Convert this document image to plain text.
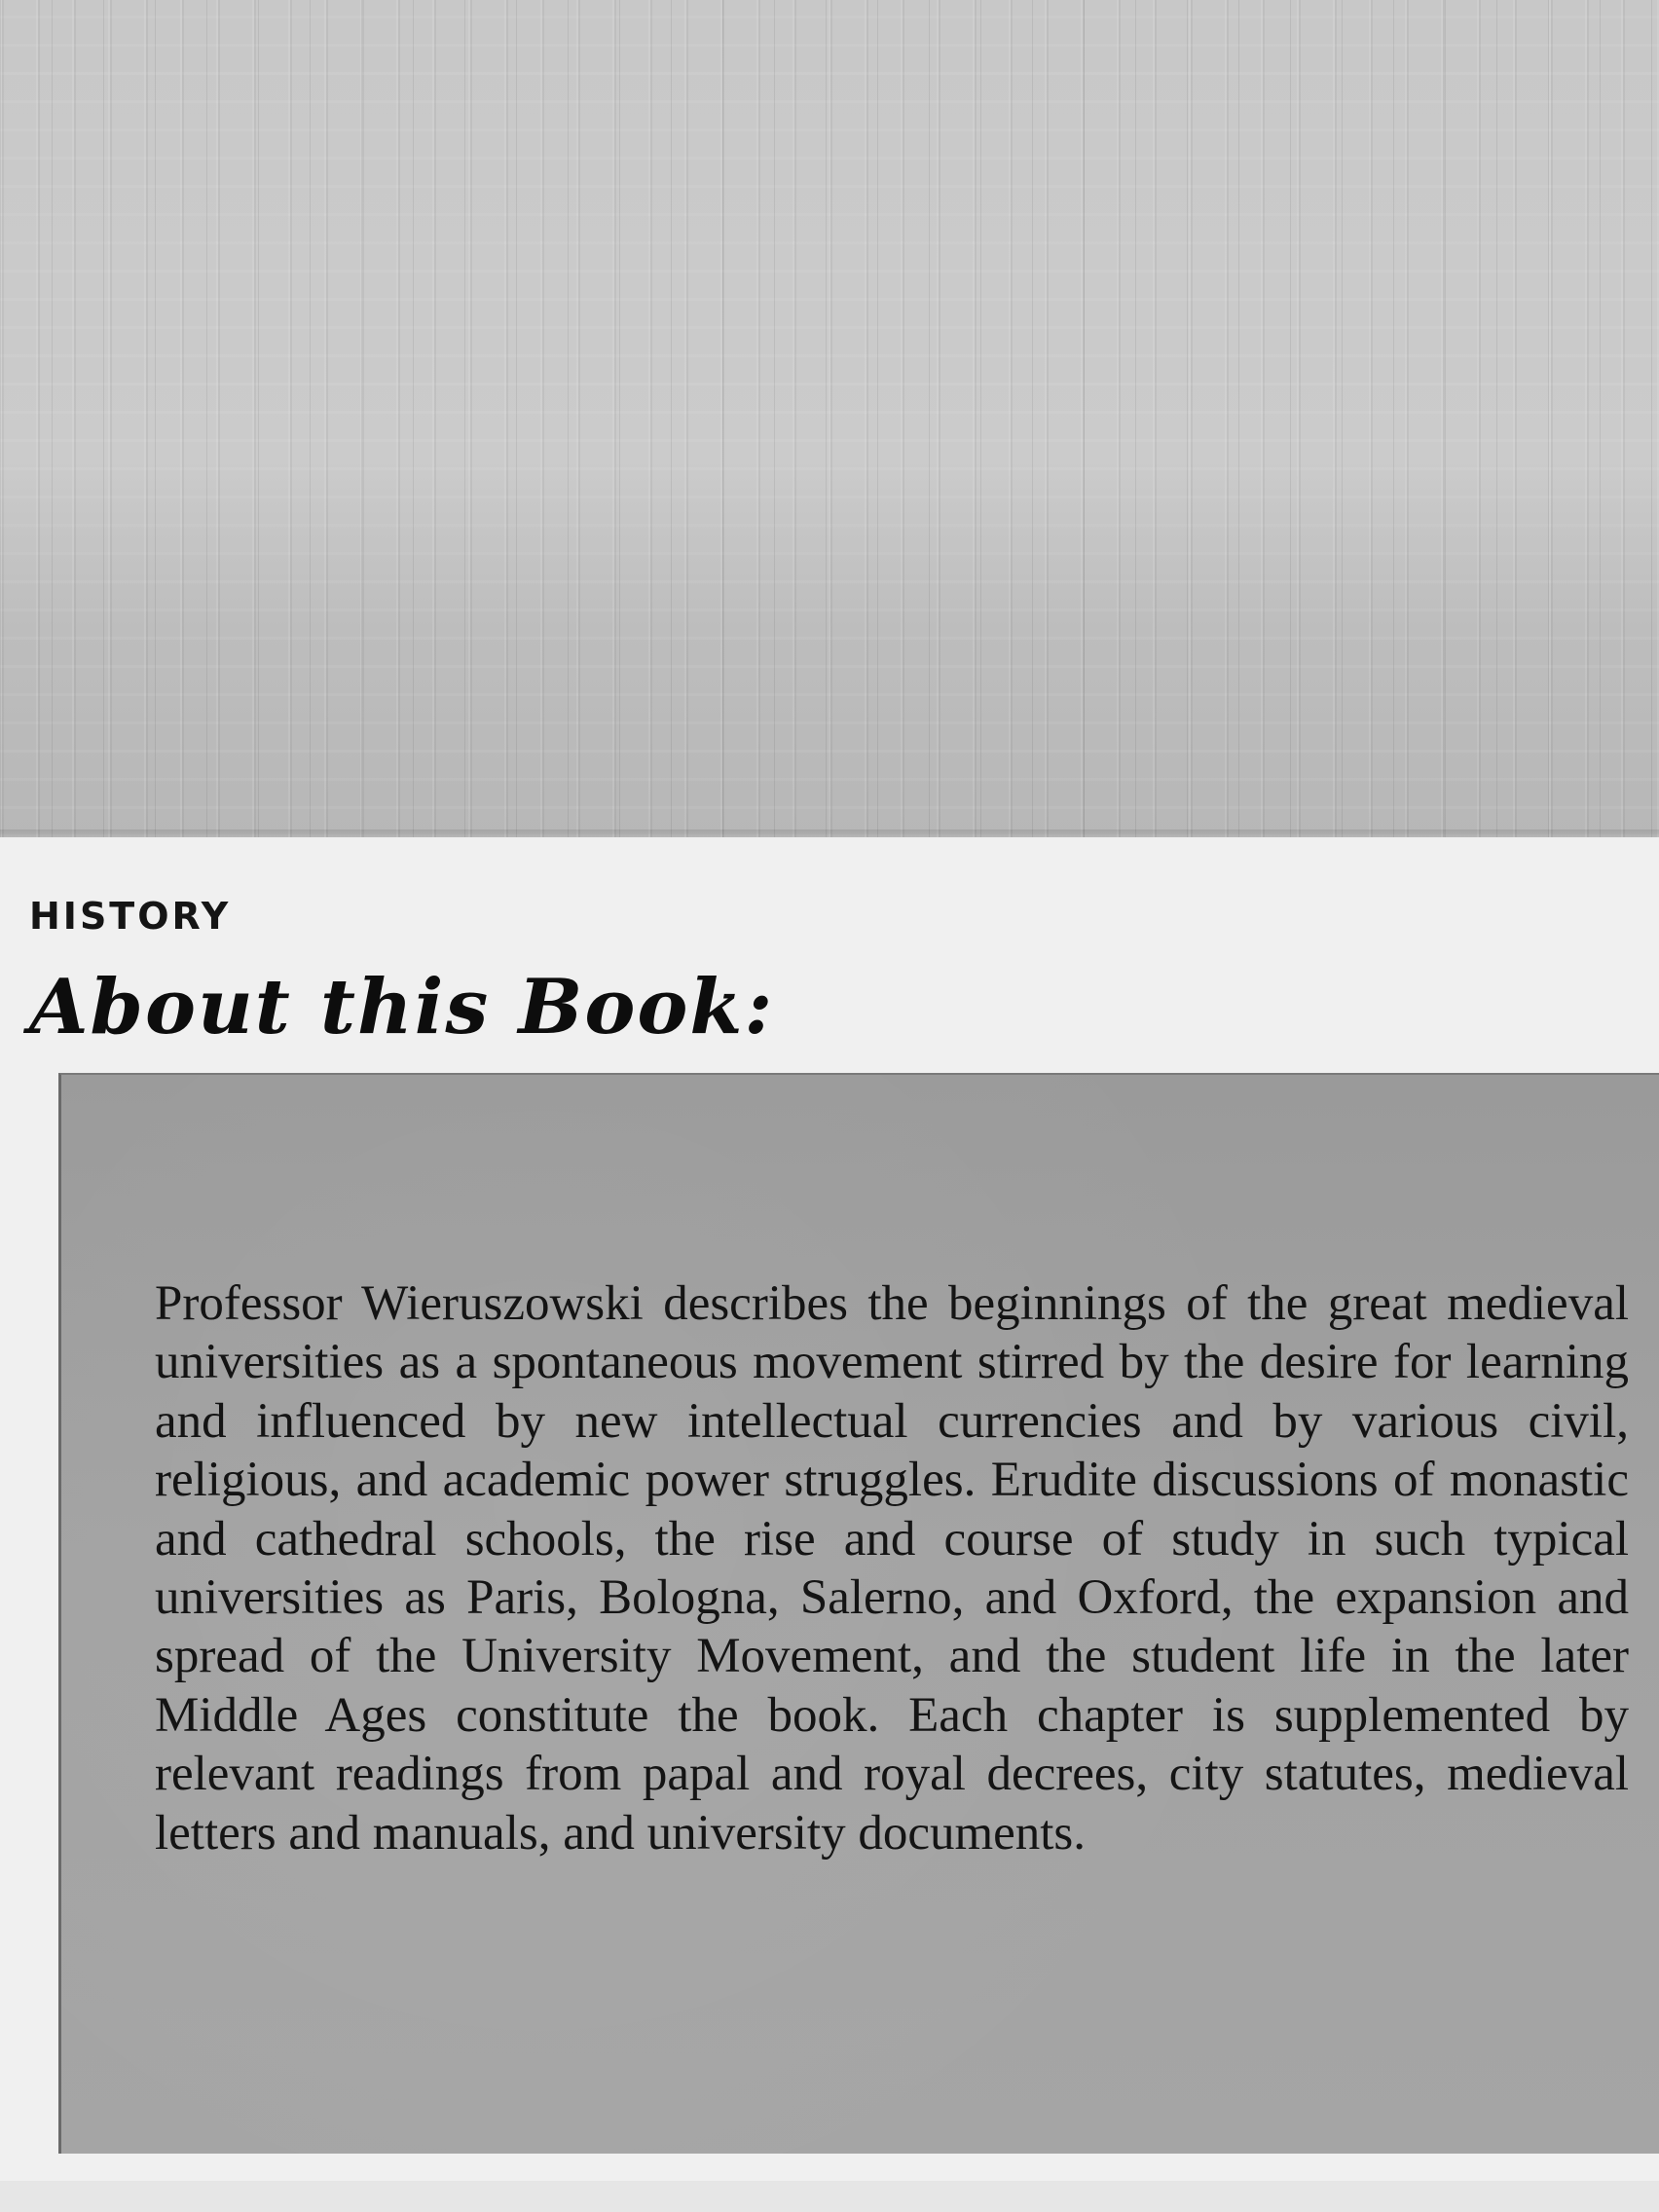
HISTORY
About this Book:

Professor Wieruszowski describes the beginnings of the great medieval universities as a spontaneous movement stirred by the desire for learning and influenced by new intellectual currencies and by various civil, religious, and academic power struggles. Erudite discussions of monastic and cathedral schools, the rise and course of study in such typical universities as Paris, Bologna, Salerno, and Oxford, the expansion and spread of the University Movement, and the student life in the later Middle Ages constitute the book. Each chapter is supplemented by relevant readings from papal and royal decrees, city statutes, medieval letters and manuals, and university documents.
